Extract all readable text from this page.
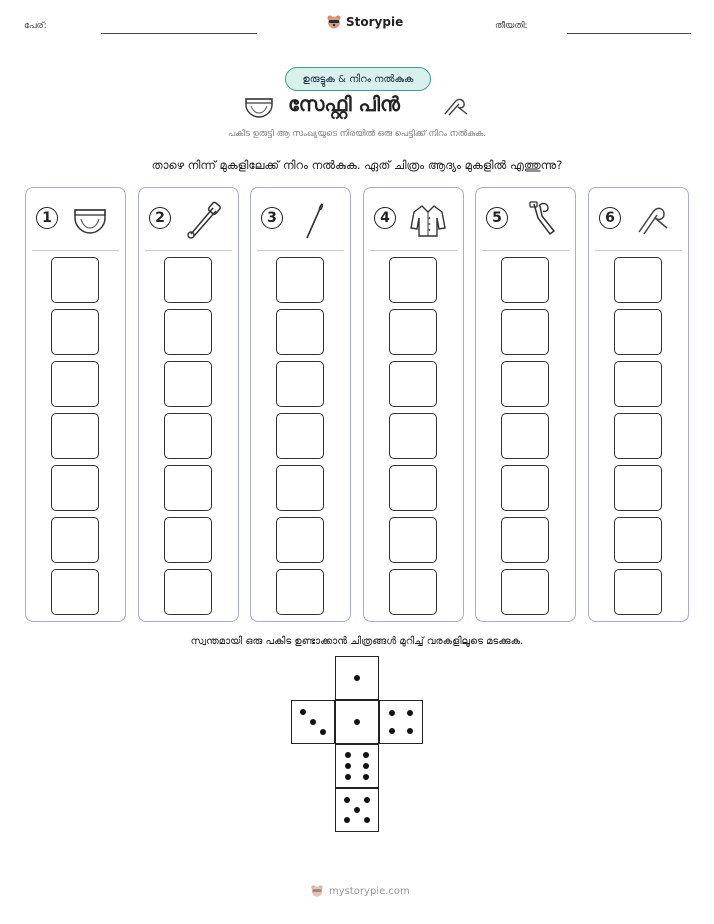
പേര്:	Storypie	തീയതി:
ഉരുട്ടുക & നിറം നൽകുക
സേഫ്റ്റി പിൻ
പകിട ഉരുട്ടി ആ സംഖ്യയുടെ നിരയിൽ ഒരു പെട്ടിക്ക് നിറം നൽകുക.
താഴെ നിന്ന് മുകളിലേക്ക് നിറം നൽകുക. ഏത് ചിത്രം ആദ്യം മുകളിൽ എത്തുന്നു?
1	2	3	4	5	6
സ്വന്തമായി ഒരു പകിട ഉണ്ടാക്കാൻ ചിത്രങ്ങൾ മുറിച്ച് വരകളിലൂടെ മടക്കുക.
mystorypie.com
